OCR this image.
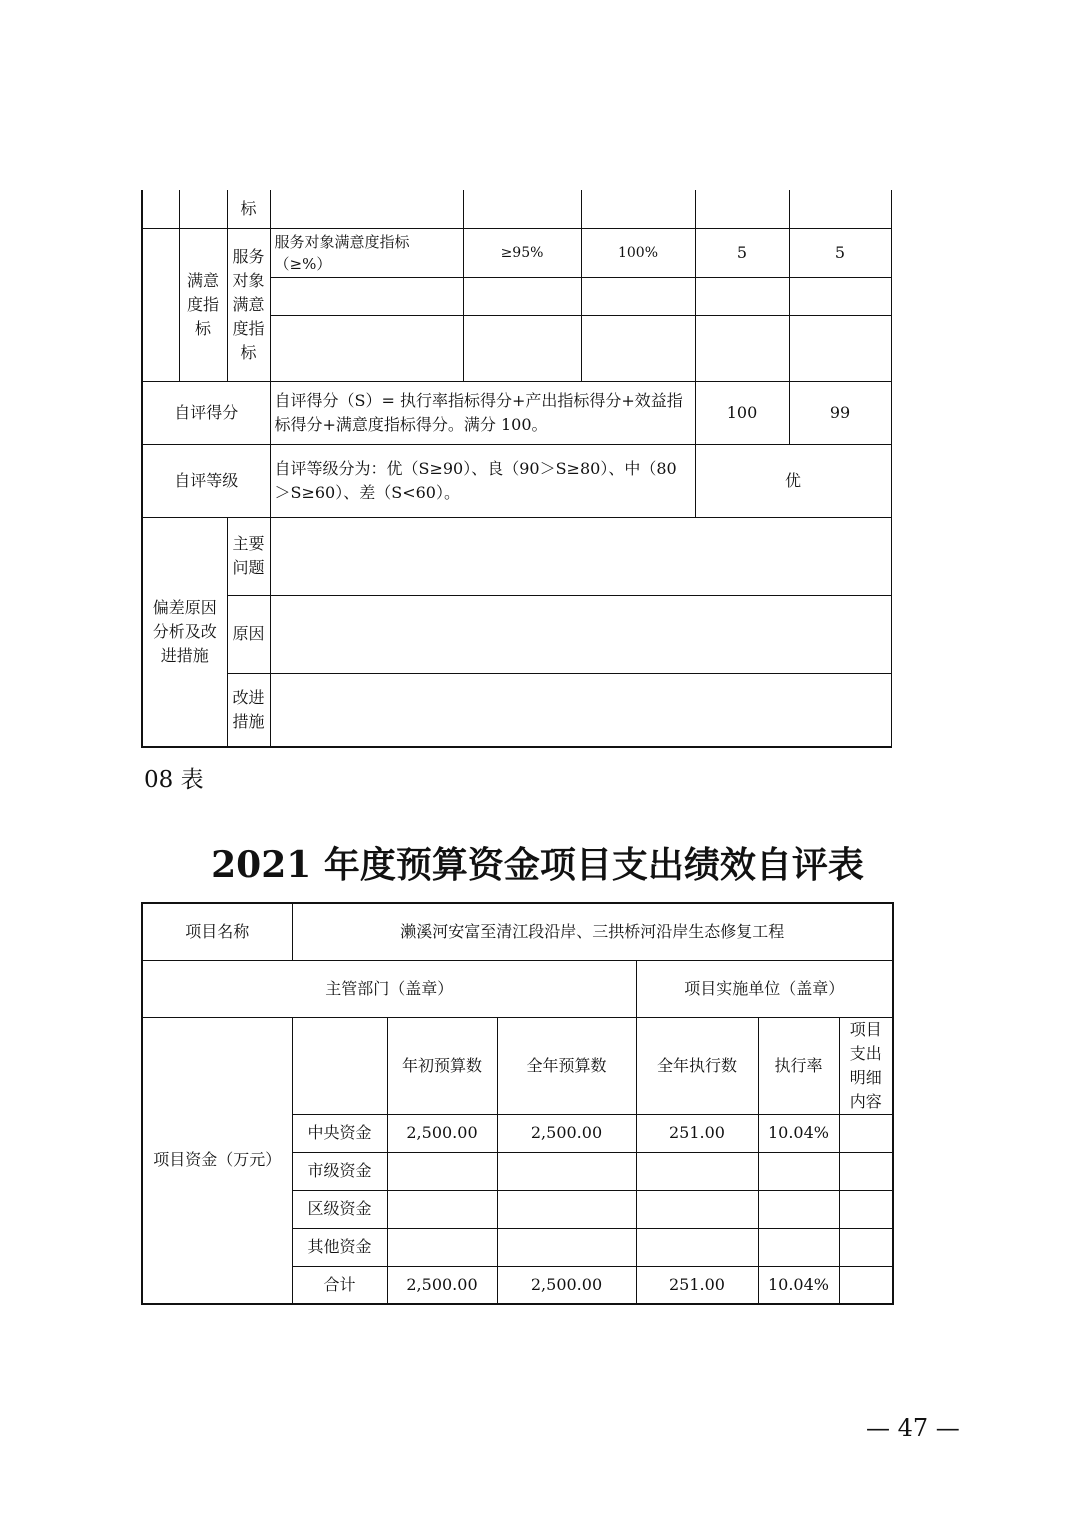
		标					

	满意度指标	服务对象满意度指标	服务对象满意度指标（≥%）	≥95%	100%	5	5

自评得分			自评得分（S）= 执行率指标得分+产出指标得分+效益指标得分+满意度指标得分。满分 100。			100	99
自评等级			自评等级分为：优（S≥90）、良（90＞S≥80）、中（80＞S≥60）、差（S<60）。			优	

偏差原因分析及改进措施		主要问题					

		原因					

		改进措施					

08 表
2021 年度预算资金项目支出绩效自评表
项目名称	濑溪河安富至清江段沿岸、三拱桥河沿岸生态修复工程					
主管部门（盖章）				项目实施单位（盖章）		
项目资金（万元）		年初预算数	全年预算数	全年执行数	执行率	项目支出明细内容

	中央资金	2,500.00	2,500.00	251.00	10.04%	
	市级资金					
	区级资金					
	其他资金					
	合计	2,500.00	2,500.00	251.00	10.04%	
— 47 —
